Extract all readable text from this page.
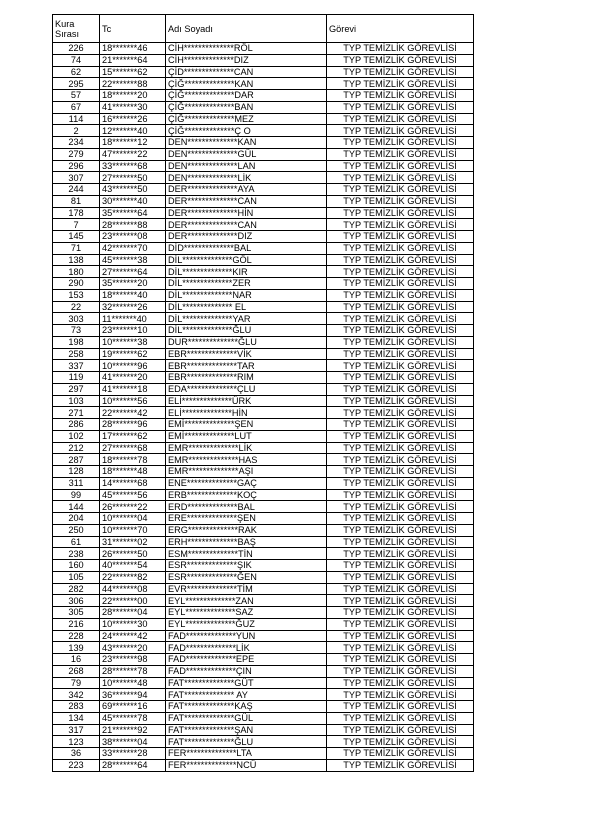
Kura Sırası	Tc	Adı Soyadı	Görevi
226	18*******46	CİH**************RÖL	TYP TEMİZLİK GÖREVLİSİ
74	21*******64	CİH**************DIZ	TYP TEMİZLİK GÖREVLİSİ
62	15*******62	ÇİD**************CAN	TYP TEMİZLİK GÖREVLİSİ
295	22*******88	ÇİĞ**************KAN	TYP TEMİZLİK GÖREVLİSİ
57	18*******20	ÇİĞ**************DAR	TYP TEMİZLİK GÖREVLİSİ
67	41*******30	ÇİĞ**************BAN	TYP TEMİZLİK GÖREVLİSİ
114	16*******26	ÇİĞ**************MEZ	TYP TEMİZLİK GÖREVLİSİ
2	12*******40	ÇİĞ**************Ç O	TYP TEMİZLİK GÖREVLİSİ
234	18*******12	DEN**************KAN	TYP TEMİZLİK GÖREVLİSİ
279	47*******22	DEN**************GÜL	TYP TEMİZLİK GÖREVLİSİ
296	33*******68	DEN**************LAN	TYP TEMİZLİK GÖREVLİSİ
307	27*******50	DEN**************LİK	TYP TEMİZLİK GÖREVLİSİ
244	43*******50	DER**************AYA	TYP TEMİZLİK GÖREVLİSİ
81	30*******40	DER**************CAN	TYP TEMİZLİK GÖREVLİSİ
178	35*******64	DER**************HİN	TYP TEMİZLİK GÖREVLİSİ
7	28*******88	DER**************CAN	TYP TEMİZLİK GÖREVLİSİ
145	23*******08	DER**************DIZ	TYP TEMİZLİK GÖREVLİSİ
71	42*******70	DİD**************BAL	TYP TEMİZLİK GÖREVLİSİ
138	45*******38	DİL**************GÖL	TYP TEMİZLİK GÖREVLİSİ
180	27*******64	DİL**************KIR	TYP TEMİZLİK GÖREVLİSİ
290	35*******20	DİL**************ZER	TYP TEMİZLİK GÖREVLİSİ
153	18*******40	DİL**************NAR	TYP TEMİZLİK GÖREVLİSİ
22	32*******26	DİL************** EL	TYP TEMİZLİK GÖREVLİSİ
303	11*******40	DİL**************YAR	TYP TEMİZLİK GÖREVLİSİ
73	23*******10	DİL**************ĞLU	TYP TEMİZLİK GÖREVLİSİ
198	10*******38	DUR**************ĞLU	TYP TEMİZLİK GÖREVLİSİ
258	19*******62	EBR**************VİK	TYP TEMİZLİK GÖREVLİSİ
337	10*******96	EBR**************TAR	TYP TEMİZLİK GÖREVLİSİ
119	41*******20	EBR**************RIM	TYP TEMİZLİK GÖREVLİSİ
297	41*******18	EDA**************ÇLU	TYP TEMİZLİK GÖREVLİSİ
103	10*******56	ELİ**************ÜRK	TYP TEMİZLİK GÖREVLİSİ
271	22*******42	ELİ**************HİN	TYP TEMİZLİK GÖREVLİSİ
286	28*******96	EMİ**************ŞEN	TYP TEMİZLİK GÖREVLİSİ
102	17*******62	EMİ**************LUT	TYP TEMİZLİK GÖREVLİSİ
212	27*******68	EMR**************LİK	TYP TEMİZLİK GÖREVLİSİ
287	18*******78	EMR**************HAS	TYP TEMİZLİK GÖREVLİSİ
128	18*******48	EMR**************AŞI	TYP TEMİZLİK GÖREVLİSİ
311	14*******68	ENE**************GAÇ	TYP TEMİZLİK GÖREVLİSİ
99	45*******56	ERB**************KOÇ	TYP TEMİZLİK GÖREVLİSİ
144	26*******22	ERD**************BAL	TYP TEMİZLİK GÖREVLİSİ
204	10*******04	ERE**************ŞEN	TYP TEMİZLİK GÖREVLİSİ
250	10*******70	ERG**************RAK	TYP TEMİZLİK GÖREVLİSİ
61	31*******02	ERH**************BAŞ	TYP TEMİZLİK GÖREVLİSİ
238	26*******50	ESM**************TİN	TYP TEMİZLİK GÖREVLİSİ
160	40*******54	ESR**************ŞIK	TYP TEMİZLİK GÖREVLİSİ
105	22*******82	ESR**************ĞEN	TYP TEMİZLİK GÖREVLİSİ
282	44*******08	EVR**************TİM	TYP TEMİZLİK GÖREVLİSİ
306	22*******00	EYL**************ZAN	TYP TEMİZLİK GÖREVLİSİ
305	28*******04	EYL**************SAZ	TYP TEMİZLİK GÖREVLİSİ
216	10*******30	EYL**************ĞUZ	TYP TEMİZLİK GÖREVLİSİ
228	24*******42	FAD**************YUN	TYP TEMİZLİK GÖREVLİSİ
139	43*******20	FAD**************LİK	TYP TEMİZLİK GÖREVLİSİ
16	23*******98	FAD**************EPE	TYP TEMİZLİK GÖREVLİSİ
268	28*******78	FAD**************ÇIN	TYP TEMİZLİK GÖREVLİSİ
79	10*******48	FAT**************GÜT	TYP TEMİZLİK GÖREVLİSİ
342	36*******94	FAT************** AY	TYP TEMİZLİK GÖREVLİSİ
283	69*******16	FAT**************KAŞ	TYP TEMİZLİK GÖREVLİSİ
134	45*******78	FAT**************GÜL	TYP TEMİZLİK GÖREVLİSİ
317	21*******92	FAT**************ŞAN	TYP TEMİZLİK GÖREVLİSİ
123	38*******04	FAT**************ĞLU	TYP TEMİZLİK GÖREVLİSİ
36	33*******28	FER**************LTA	TYP TEMİZLİK GÖREVLİSİ
223	28*******64	FER**************NCÜ	TYP TEMİZLİK GÖREVLİSİ
